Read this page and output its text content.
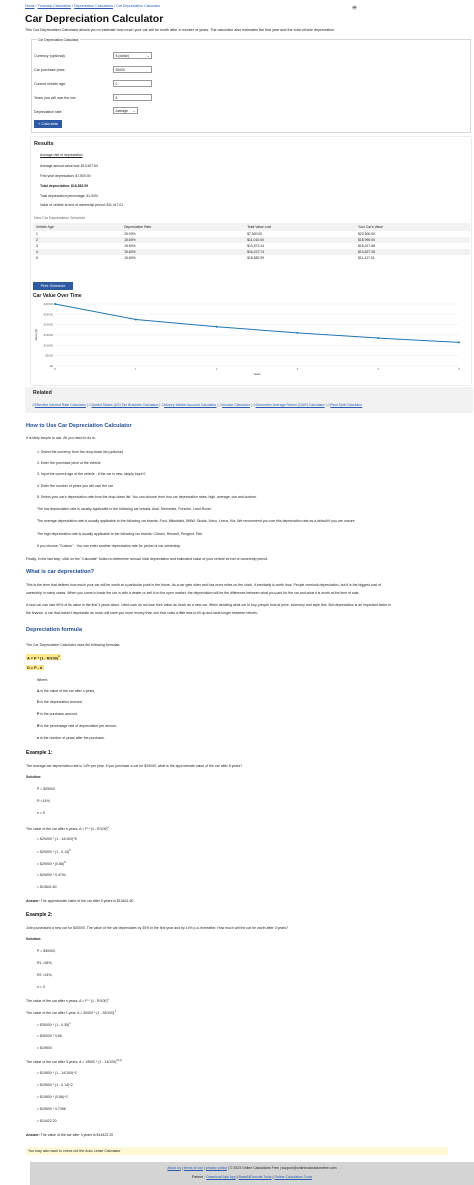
Home / Financial Calculators / Depreciation Calculators / Car Depreciation Calculator
Car Depreciation Calculator
This Car Depreciation Calculator allows you to estimate how much your car will be worth after a number of years. The calculator also estimates the first year and the total vehicle depreciation.
Car Depreciation Calculator
Currency (optional):	$ (dollar)	⌄
Car purchase price:	30000
Current vehicle age:	0
Years you will own the car:	5
Depreciation rate:	Average ⌄
+ Calculate
Results
Average rate of depreciation
Average annual value lost: $13,507.63
First year depreciation: $7,500.00
Total depreciation: $18,582.99
Total depreciation percentage: 61.94%
Value of vehicle at end of ownership period: $11,417.01
New Car Depreciation Schedule
Vehicle Age	Depreciation Rate	Total Value Lost	Your Car's Value
1	25.00%	$7,500.00	$22,500.00
2	15.60%	$11,010.00	$18,990.00
3	15.60%	$13,972.44	$16,027.56
4	15.60%	$16,472.74	$13,527.26
5	15.60%	$18,582.99	$11,417.01
Print Schedule
Car Value Over Time
$0
$5000
$10000
$15000
$20000
$25000
$30000
0	1	2	3	4	5
Years
Value ($)
Related
⎙Effective Interest Rate Calculator | ⎙United States (US) Tax Brackets Calculator | ⎙Money Market Account Calculator | ⎙Invoice Calculator | ⎙Geometric Average Return (GAR) Calculator | ⎙Rent Split Calculator
How to Use Car Depreciation Calculator
It is fairly simple to use. All you need to do is:
1. Select the currency from the drop-down list (optional)
2. Enter the purchase price of the vehicle
3. Input the current age of the vehicle - if the car is new, simply input 0
4. Enter the number of years you will own the car
5. Select your car's depreciation rate from the drop-down list. You can choose from four car depreciation rates: high, average, low and custom.
The low depreciation rate is usually applicable to the following car brands: Audi, Mercedes, Porsche, Land Rover.
The average depreciation rate is usually applicable to the following car brands: Ford, Mitsubishi, BMW, Skoda, Volvo, Lexus, Kia. We recommend you use this depreciation rate as a default if you are unsure.
The high depreciation rate is usually applicable to the following car brands: Citroen, Renault, Peugeot, Fiat.
If you choose "Custom" - You can enter another depreciation rate for period of car ownership.
Finally, in the last step, click on the "Calculate" button to determine annual, total depreciation and estimated value of your vehicle at end of ownership period.
What is car depreciation?
This is the term that defines how much your car will be worth at a particular point in the future. As a car gets older and has more miles on the clock, it inevitably is worth less. People overlook depreciation, but it is the biggest cost of
ownership in many cases. When you come to trade the car in with a dealer or sell it on the open market, the depreciation will be the difference between what you paid for the car and what it is worth at the time of sale.
A new car can lose 60% of its value in the first 3 years alone. Used cars do not lose their value as much as a new car. When deciding what car to buy, people look at price, economy and style first. But depreciation is an important factor in
the finance. A car that doesn't depreciate as much will save you more money than one that costs a little less to fill up and lasts longer between refuels.
Depreciation formula
The Car Depreciation Calculator uses the following formulae:
A = P * (1 - R/100)$^n$
D = P - A
Where,
A is the value of the car after n years,
D is the depreciation amount,
P is the purchase amount,
R is the percentage rate of depreciation per annum,
n is the number of years after the purchase.
Example 1:
The average car depreciation rate is 14% per year. If you purchase a car for $29000, what is the approximate value of the car after 5 years?
Solution:
P = $29000,
R =14%,
n = 5
The value of the car after n years, A = P * (1 - R/100)$^n$
= $29000 * (1 - 14/100)^5
= $29000 * (1 - 0.14)$^5$
= $29000 * $(0.86)^5$
= $29000 * 0.4704
= $13641.60
Answer: The approximate value of the car after 5 years is $13641.60
Example 2:
John purchased a new car for $30000. The value of the car depreciates by 35% in the first year and by 14% p.a. thereafter. How much will the car be worth after 3 years?
Solution:
P = $30000,
R1 =35%,
R2 =14%,
n = 3
The value of the car after n years, A = P * (1 - R/100)$^n$
The value of the car after 1 year, A = 30000 * (1 - 35/100)$^1$
= $30000 * (1 - 0.35)$^1$
= $30000 * 0.65
= $19500
The value of the car after 3 years, A = 19500 * (1 - 14/100)$^{(3-1)}$
= $19500 * (1 - 14/100)^2
= $19500 * (1 - 0.14)^2
= $19500 * (0.86)^2
= $19500 * 0.7396
= $14422.20
Answer: The value of the car after 3 years is $14422.20
You may also want to check out the Auto Lease Calculator
about us | terms of use | privacy policy | © 2023 Online Calculators Free | support@onlinecalculatorsfree.com
Partner : Download Apk App | Base64Decode Tools | Online Calculators Tools
